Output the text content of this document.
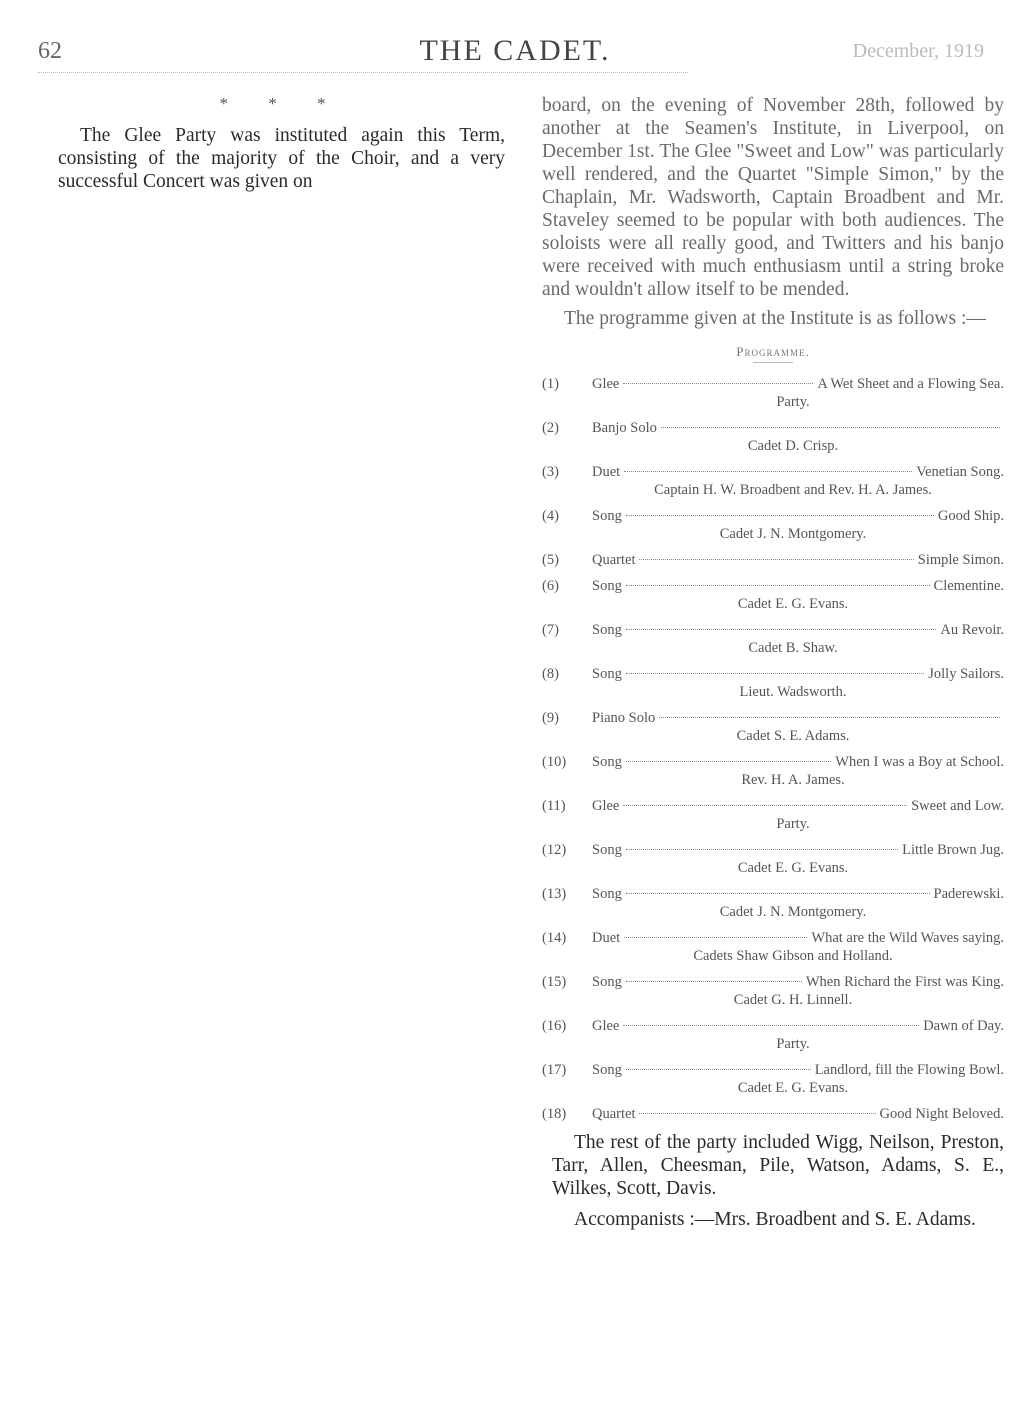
62	THE CADET.	December, 1919
* * *

The Glee Party was instituted again this Term, consisting of the majority of the Choir, and a very successful Concert was given on

board, on the evening of November 28th, followed by another at the Seamen's Institute, in Liverpool, on December 1st. The Glee "Sweet and Low" was particularly well rendered, and the Quartet "Simple Simon," by the Chaplain, Mr. Wadsworth, Captain Broadbent and Mr. Staveley seemed to be popular with both audiences. The soloists were all really good, and Twitters and his banjo were received with much enthusiasm until a string broke and wouldn't allow itself to be mended.

The programme given at the Institute is as follows :—

Programme.
(1)	Glee	A Wet Sheet and a Flowing Sea.
Party.
(2)	Banjo Solo
Cadet D. Crisp.
(3)	Duet	Venetian Song.
Captain H. W. Broadbent and Rev. H. A. James.
(4)	Song	Good Ship.
Cadet J. N. Montgomery.
(5)	Quartet	Simple Simon.
(6)	Song	Clementine.
Cadet E. G. Evans.
(7)	Song	Au Revoir.
Cadet B. Shaw.
(8)	Song	Jolly Sailors.
Lieut. Wadsworth.
(9)	Piano Solo
Cadet S. E. Adams.
(10)	Song	When I was a Boy at School.
Rev. H. A. James.
(11)	Glee	Sweet and Low.
Party.
(12)	Song	Little Brown Jug.
Cadet E. G. Evans.
(13)	Song	Paderewski.
Cadet J. N. Montgomery.
(14)	Duet	What are the Wild Waves saying.
Cadets Shaw Gibson and Holland.
(15)	Song	When Richard the First was King.
Cadet G. H. Linnell.
(16)	Glee	Dawn of Day.
Party.
(17)	Song	Landlord, fill the Flowing Bowl.
Cadet E. G. Evans.
(18)	Quartet	Good Night Beloved.

The rest of the party included Wigg, Neilson, Preston, Tarr, Allen, Cheesman, Pile, Watson, Adams, S. E., Wilkes, Scott, Davis.

Accompanists :—Mrs. Broadbent and S. E. Adams.
